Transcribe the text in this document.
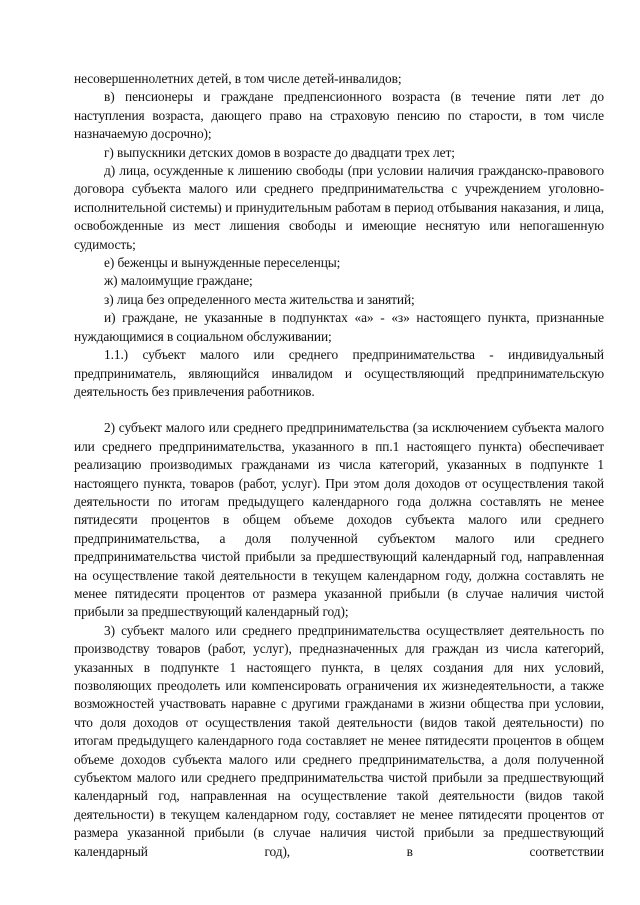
несовершеннолетних детей, в том числе детей-инвалидов;

в) пенсионеры и граждане предпенсионного возраста (в течение пяти лет до наступления возраста, дающего право на страховую пенсию по старости, в том числе назначаемую досрочно);

г) выпускники детских домов в возрасте до двадцати трех лет;

д) лица, осужденные к лишению свободы (при условии наличия гражданско-правового договора субъекта малого или среднего предпринимательства с учреждением уголовно-исполнительной системы) и принудительным работам в период отбывания наказания, и лица, освобожденные из мест лишения свободы и имеющие неснятую или непогашенную судимость;

е) беженцы и вынужденные переселенцы;

ж) малоимущие граждане;

з) лица без определенного места жительства и занятий;

и) граждане, не указанные в подпунктах «а» - «з» настоящего пункта, признанные нуждающимися в социальном обслуживании;

1.1.) субъект малого или среднего предпринимательства - индивидуальный предприниматель, являющийся инвалидом и осуществляющий предпринимательскую деятельность без привлечения работников.

2) субъект малого или среднего предпринимательства (за исключением субъекта малого или среднего предпринимательства, указанного в пп.1 настоящего пункта) обеспечивает реализацию производимых гражданами из числа категорий, указанных в подпункте 1 настоящего пункта, товаров (работ, услуг). При этом доля доходов от осуществления такой деятельности по итогам предыдущего календарного года должна составлять не менее пятидесяти процентов в общем объеме доходов субъекта малого или среднего предпринимательства, а доля полученной субъектом малого или среднего предпринимательства чистой прибыли за предшествующий календарный год, направленная на осуществление такой деятельности в текущем календарном году, должна составлять не менее пятидесяти процентов от размера указанной прибыли (в случае наличия чистой прибыли за предшествующий календарный год);

3) субъект малого или среднего предпринимательства осуществляет деятельность по производству товаров (работ, услуг), предназначенных для граждан из числа категорий, указанных в подпункте 1 настоящего пункта, в целях создания для них условий, позволяющих преодолеть или компенсировать ограничения их жизнедеятельности, а также возможностей участвовать наравне с другими гражданами в жизни общества при условии, что доля доходов от осуществления такой деятельности (видов такой деятельности) по итогам предыдущего календарного года составляет не менее пятидесяти процентов в общем объеме доходов субъекта малого или среднего предпринимательства, а доля полученной субъектом малого или среднего предпринимательства чистой прибыли за предшествующий календарный год, направленная на осуществление такой деятельности (видов такой деятельности) в текущем календарном году, составляет не менее пятидесяти процентов от размера указанной прибыли (в случае наличия чистой прибыли за предшествующий календарный год), в соответствии
